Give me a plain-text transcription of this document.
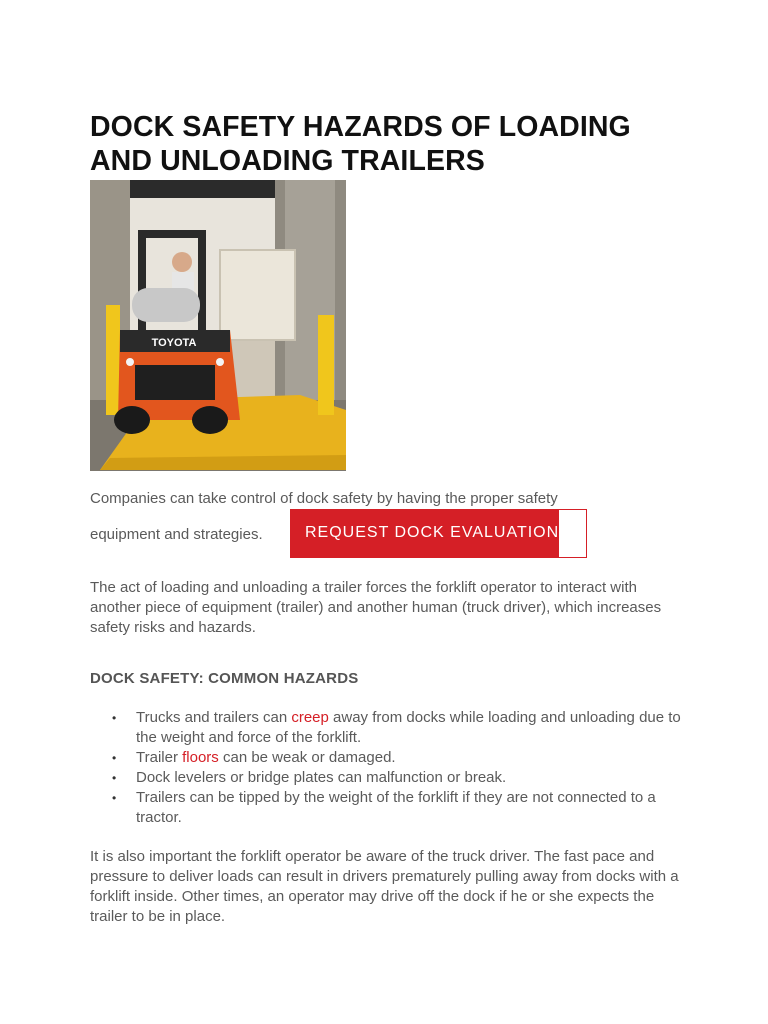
DOCK SAFETY HAZARDS OF LOADING AND UNLOADING TRAILERS
TOYOTA

Companies can take control of dock safety by having the proper safety

equipment and strategies.	REQUEST DOCK EVALUATION

The act of loading and unloading a trailer forces the forklift operator to interact with another piece of equipment (trailer) and another human (truck driver), which increases safety risks and hazards.

DOCK SAFETY: COMMON HAZARDS
• Trucks and trailers can creep away from docks while loading and unloading due to the weight and force of the forklift.
• Trailer floors can be weak or damaged.
• Dock levelers or bridge plates can malfunction or break.
• Trailers can be tipped by the weight of the forklift if they are not connected to a tractor.

It is also important the forklift operator be aware of the truck driver. The fast pace and pressure to deliver loads can result in drivers prematurely pulling away from docks with a forklift inside. Other times, an operator may drive off the dock if he or she expects the trailer to be in place.
